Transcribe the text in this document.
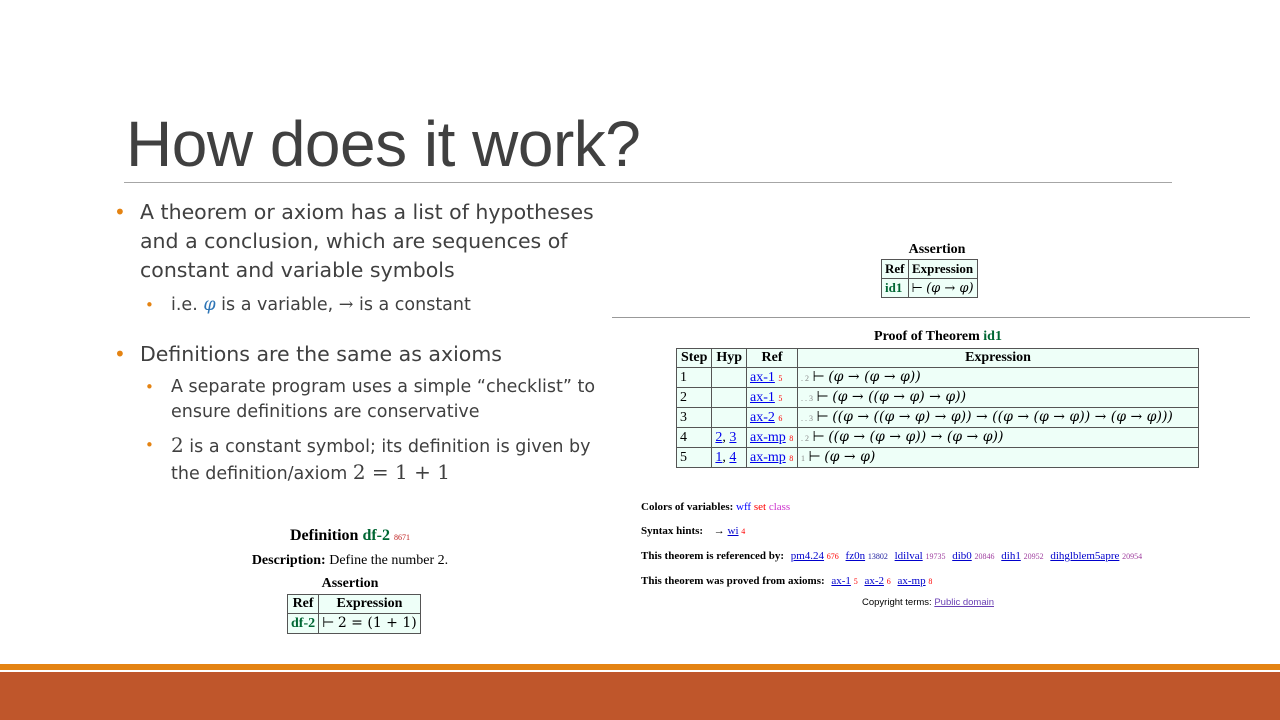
How does it work?
• A theorem or axiom has a list of hypotheses and a conclusion, which are sequences of constant and variable symbols
• i.e. φ is a variable, → is a constant
• Definitions are the same as axioms
• A separate program uses a simple “checklist” to ensure definitions are conservative
• 2 is a constant symbol; its definition is given by the definition/axiom 2 = 1 + 1
Definition df-2 8671
Description: Define the number 2.
Assertion
Ref	Expression
df-2	⊢ 2 = (1 + 1)
Assertion
Ref	Expression
id1	⊢ (φ → φ)
Proof of Theorem id1
Step	Hyp	Ref	Expression
1		ax-1 5	. 2 ⊢ (φ → (φ → φ))
2		ax-1 5	. . 3 ⊢ (φ → ((φ → φ) → φ))
3		ax-2 6	. . 3 ⊢ ((φ → ((φ → φ) → φ)) → ((φ → (φ → φ)) → (φ → φ)))
4	2, 3	ax-mp 8	. 2 ⊢ ((φ → (φ → φ)) → (φ → φ))
5	1, 4	ax-mp 8	1 ⊢ (φ → φ)
Colors of variables: wff set class
Syntax hints: → wi 4
This theorem is referenced by: pm4.24 676 fz0n 13802 ldilval 19735 dib0 20846 dih1 20952 dihglblem5apre 20954
This theorem was proved from axioms: ax-1 5 ax-2 6 ax-mp 8
Copyright terms: Public domain
